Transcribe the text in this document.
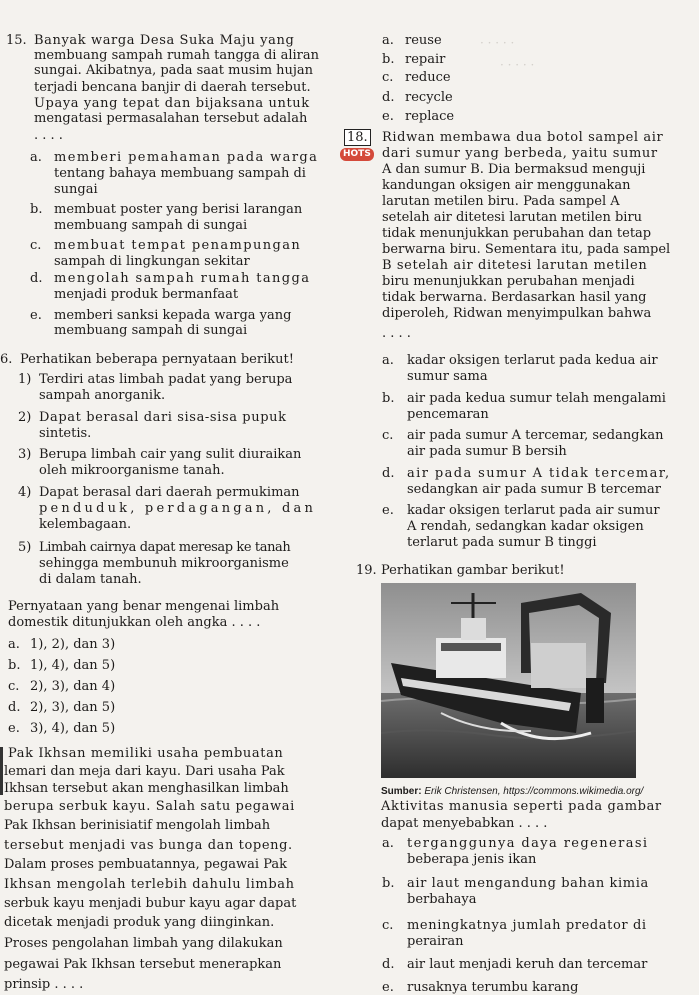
15. Banyak warga Desa Suka Maju yang
membuang sampah rumah tangga di aliran
sungai. Akibatnya, pada saat musim hujan
terjadi bencana banjir di daerah tersebut.
Upaya yang tepat dan bijaksana untuk
mengatasi permasalahan tersebut adalah
. . . .
a. memberi pemahaman pada warga
tentang bahaya membuang sampah di
sungai
b. membuat poster yang berisi larangan
membuang sampah di sungai
c. membuat tempat penampungan
sampah di lingkungan sekitar
d. mengolah sampah rumah tangga
menjadi produk bermanfaat
e. memberi sanksi kepada warga yang
membuang sampah di sungai
6. Perhatikan beberapa pernyataan berikut!
1) Terdiri atas limbah padat yang berupa
sampah anorganik.
2) Dapat berasal dari sisa-sisa pupuk
sintetis.
3) Berupa limbah cair yang sulit diuraikan
oleh mikroorganisme tanah.
4) Dapat berasal dari daerah permukiman
penduduk, perdagangan, dan
kelembagaan.
5) Limbah cairnya dapat meresap ke tanah
sehingga membunuh mikroorganisme
di dalam tanah.
Pernyataan yang benar mengenai limbah
domestik ditunjukkan oleh angka . . . .
a. 1), 2), dan 3)
b. 1), 4), dan 5)
c. 2), 3), dan 4)
d. 2), 3), dan 5)
e. 3), 4), dan 5)
Pak Ikhsan memiliki usaha pembuatan
lemari dan meja dari kayu. Dari usaha Pak
Ikhsan tersebut akan menghasilkan limbah
berupa serbuk kayu. Salah satu pegawai
Pak Ikhsan berinisiatif mengolah limbah
tersebut menjadi vas bunga dan topeng.
Dalam proses pembuatannya, pegawai Pak
Ikhsan mengolah terlebih dahulu limbah
serbuk kayu menjadi bubur kayu agar dapat
dicetak menjadi produk yang diinginkan.
Proses pengolahan limbah yang dilakukan
pegawai Pak Ikhsan tersebut menerapkan
prinsip . . . .
a. reuse
b. repair
c. reduce
d. recycle
e. replace
· · · · ·
· · · · ·
18.
HOTS
Ridwan membawa dua botol sampel air
dari sumur yang berbeda, yaitu sumur
A dan sumur B. Dia bermaksud menguji
kandungan oksigen air menggunakan
larutan metilen biru. Pada sampel A
setelah air ditetesi larutan metilen biru
tidak menunjukkan perubahan dan tetap
berwarna biru. Sementara itu, pada sampel
B setelah air ditetesi larutan metilen
biru menunjukkan perubahan menjadi
tidak berwarna. Berdasarkan hasil yang
diperoleh, Ridwan menyimpulkan bahwa
. . . .
a. kadar oksigen terlarut pada kedua air
sumur sama
b. air pada kedua sumur telah mengalami
pencemaran
c. air pada sumur A tercemar, sedangkan
air pada sumur B bersih
d. air pada sumur A tidak tercemar,
sedangkan air pada sumur B tercemar
e. kadar oksigen terlarut pada air sumur
A rendah, sedangkan kadar oksigen
terlarut pada sumur B tinggi
19. Perhatikan gambar berikut!
Sumber: Erik Christensen, https://commons.wikimedia.org/
Aktivitas manusia seperti pada gambar
dapat menyebabkan . . . .
a. terganggunya daya regenerasi
beberapa jenis ikan
b. air laut mengandung bahan kimia
berbahaya
c. meningkatnya jumlah predator di
perairan
d. air laut menjadi keruh dan tercemar
e. rusaknya terumbu karang
